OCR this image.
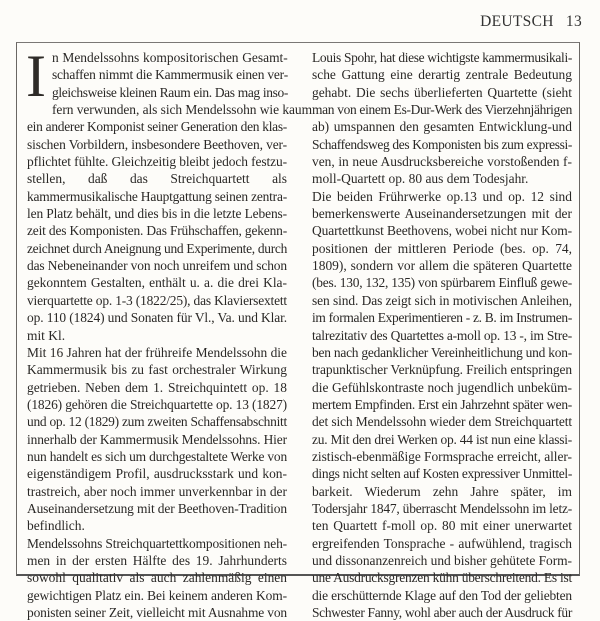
DEUTSCH 13
I n Mendelssohns kompositorischen Gesamt-
schaffen nimmt die Kammermusik einen ver-
gleichsweise kleinen Raum ein. Das mag inso-
fern verwunden, als sich Mendelssohn wie kaum
ein anderer Komponist seiner Generation den klas-
sischen Vorbildern, insbesondere Beethoven, ver-
pflichtet fühlte. Gleichzeitig bleibt jedoch festzu-
stellen, daß das Streichquartett als
kammermusikalische Hauptgattung seinen zentra-
len Platz behält, und dies bis in die letzte Lebens-
zeit des Komponisten. Das Frühschaffen, gekenn-
zeichnet durch Aneignung und Experimente, durch
das Nebeneinander von noch unreifem und schon
gekonntem Gestalten, enthält u. a. die drei Kla-
vierquartette op. 1-3 (1822/25), das Klaviersextett
op. 110 (1824) und Sonaten für Vl., Va. und Klar.
mit Kl.
Mit 16 Jahren hat der frühreife Mendelssohn die
Kammermusik bis zu fast orchestraler Wirkung
getrieben. Neben dem 1. Streichquintett op. 18
(1826) gehören die Streichquartette op. 13 (1827)
und op. 12 (1829) zum zweiten Schaffensabschnitt
innerhalb der Kammermusik Mendelssohns. Hier
nun handelt es sich um durchgestaltete Werke von
eigenständigem Profil, ausdrucksstark und kon-
trastreich, aber noch immer unverkennbar in der
Auseinandersetzung mit der Beethoven-Tradition
befindlich.
Mendelssohns Streichquartettkompositionen neh-
men in der ersten Hälfte des 19. Jahrhunderts
sowohl qualitativ als auch zahlenmäßig einen
gewichtigen Platz ein. Bei keinem anderen Kom-
ponisten seiner Zeit, vielleicht mit Ausnahme von
Louis Spohr, hat diese wichtigste kammermusikali-
sche Gattung eine derartig zentrale Bedeutung
gehabt. Die sechs überlieferten Quartette (sieht
man von einem Es-Dur-Werk des Vierzehnjährigen
ab) umspannen den gesamten Entwicklung-und
Schaffendsweg des Komponisten bis zum expressi-
ven, in neue Ausdrucksbereiche vorstoßenden f-
moll-Quartett op. 80 aus dem Todesjahr.
Die beiden Frührwerke op.13 und op. 12 sind
bemerkenswerte Auseinandersetzungen mit der
Quartettkunst Beethovens, wobei nicht nur Kom-
positionen der mittleren Periode (bes. op. 74,
1809), sondern vor allem die späteren Quartette
(bes. 130, 132, 135) von spürbarem Einfluß gewe-
sen sind. Das zeigt sich in motivischen Anleihen,
im formalen Experimentieren - z. B. im Instrumen-
talrezitativ des Quartettes a-moll op. 13 -, im Stre-
ben nach gedanklicher Vereinheitlichung und kon-
trapunktischer Verknüpfung. Freilich entspringen
die Gefühlskontraste noch jugendlich unbeküm-
mertem Empfinden. Erst ein Jahrzehnt später wen-
det sich Mendelssohn wieder dem Streichquartett
zu. Mit den drei Werken op. 44 ist nun eine klassi-
zistisch-ebenmäßige Formsprache erreicht, aller-
dings nicht selten auf Kosten expressiver Unmittel-
barkeit. Wiederum zehn Jahre später, im
Todersjahr 1847, überrascht Mendelssohn im letz-
ten Quartett f-moll op. 80 mit einer unerwartet
ergreifenden Tonsprache - aufwühlend, tragisch
und dissonanzenreich und bisher gehütete Form-
une Ausdrucksgrenzen kühn überschreitend. Es ist
die erschütternde Klage auf den Tod der geliebten
Schwester Fanny, wohl aber auch der Ausdruck für
